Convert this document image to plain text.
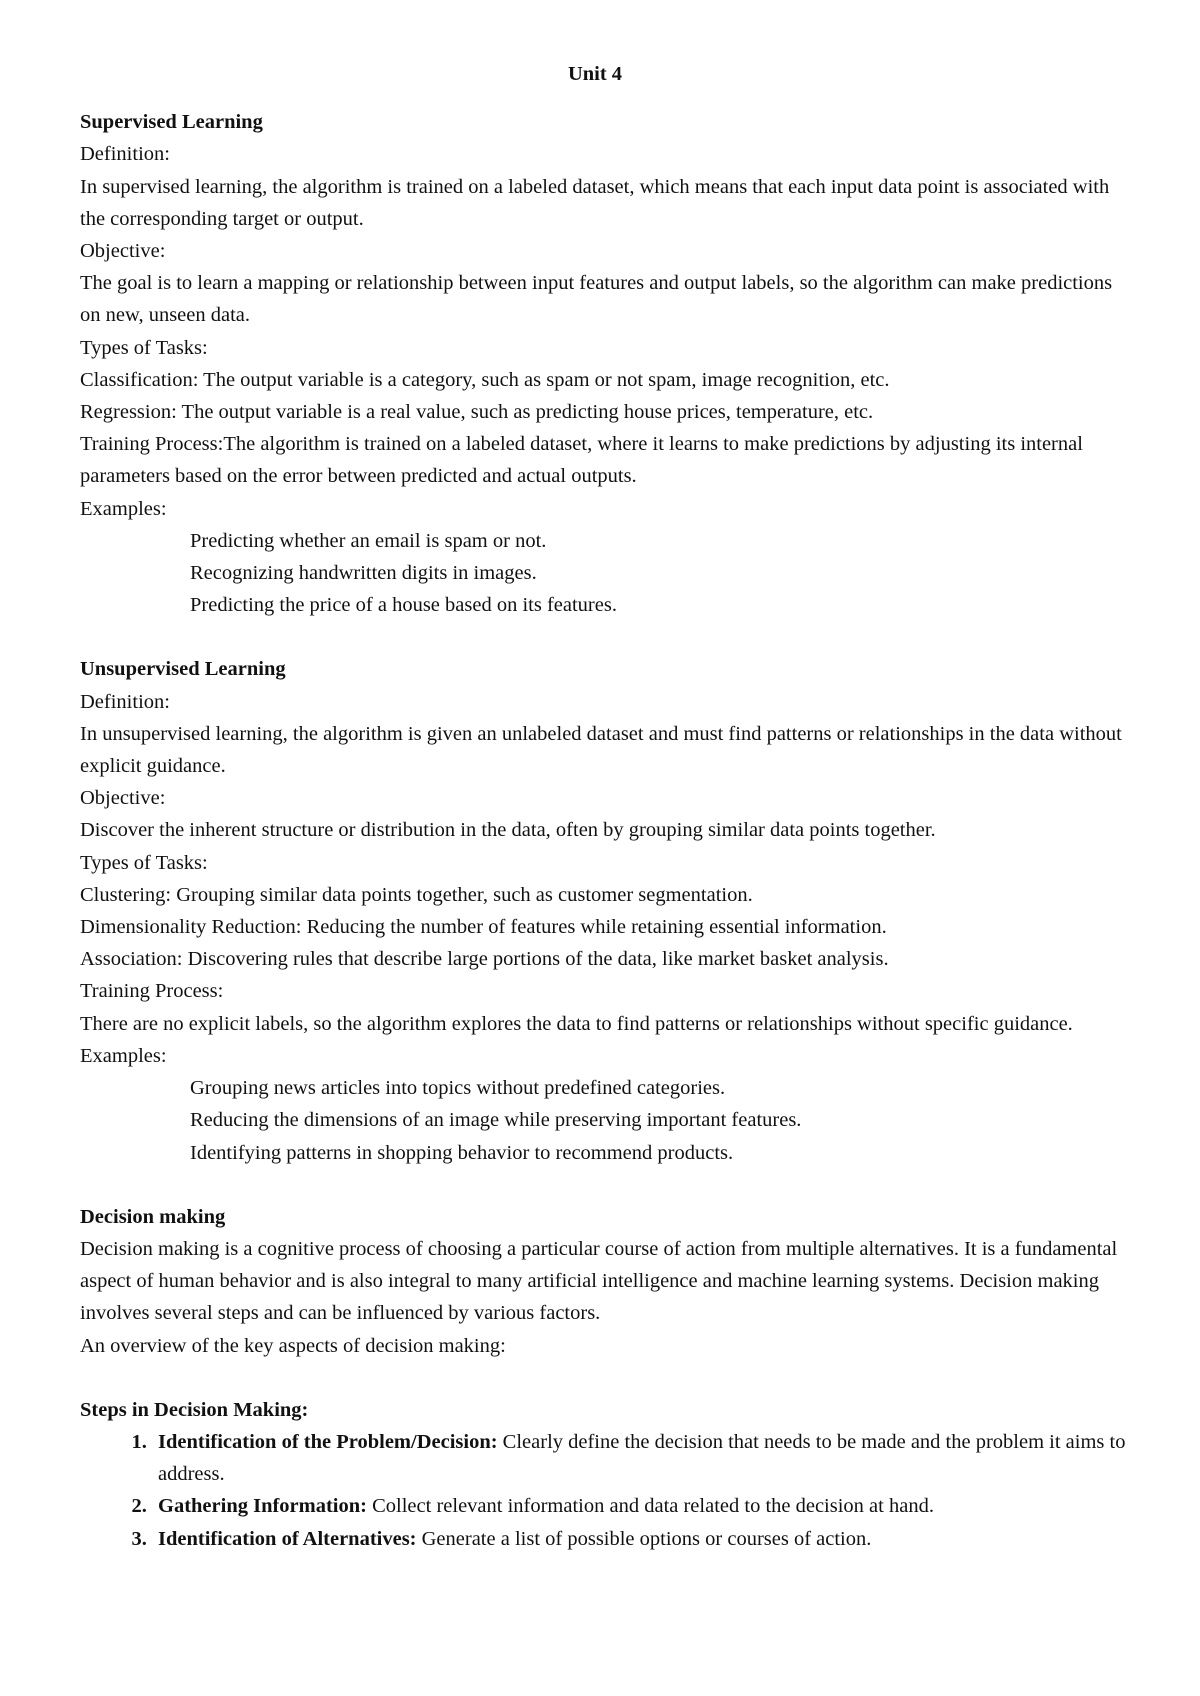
Unit 4

Supervised Learning

Definition:

In supervised learning, the algorithm is trained on a labeled dataset, which means that each input data point is associated with the corresponding target or output.

Objective:

The goal is to learn a mapping or relationship between input features and output labels, so the algorithm can make predictions on new, unseen data.

Types of Tasks:

Classification: The output variable is a category, such as spam or not spam, image recognition, etc.

Regression: The output variable is a real value, such as predicting house prices, temperature, etc.

Training Process:The algorithm is trained on a labeled dataset, where it learns to make predictions by adjusting its internal parameters based on the error between predicted and actual outputs.

Examples:

Predicting whether an email is spam or not.

Recognizing handwritten digits in images.

Predicting the price of a house based on its features.

Unsupervised Learning

Definition:

In unsupervised learning, the algorithm is given an unlabeled dataset and must find patterns or relationships in the data without explicit guidance.

Objective:

Discover the inherent structure or distribution in the data, often by grouping similar data points together.

Types of Tasks:

Clustering: Grouping similar data points together, such as customer segmentation.

Dimensionality Reduction: Reducing the number of features while retaining essential information.

Association: Discovering rules that describe large portions of the data, like market basket analysis.

Training Process:

There are no explicit labels, so the algorithm explores the data to find patterns or relationships without specific guidance.

Examples:

Grouping news articles into topics without predefined categories.

Reducing the dimensions of an image while preserving important features.

Identifying patterns in shopping behavior to recommend products.

Decision making

Decision making is a cognitive process of choosing a particular course of action from multiple alternatives. It is a fundamental aspect of human behavior and is also integral to many artificial intelligence and machine learning systems. Decision making involves several steps and can be influenced by various factors.

An overview of the key aspects of decision making:

Steps in Decision Making:

1. Identification of the Problem/Decision: Clearly define the decision that needs to be made and the problem it aims to address.
2. Gathering Information: Collect relevant information and data related to the decision at hand.
3. Identification of Alternatives: Generate a list of possible options or courses of action.
